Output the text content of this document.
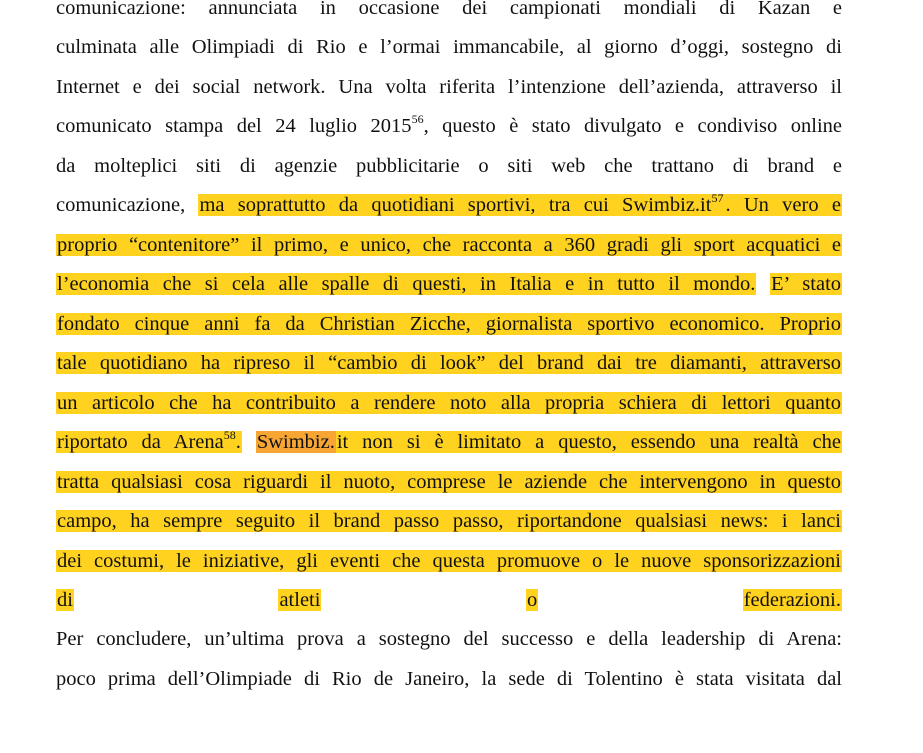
comunicazione: annunciata in occasione dei campionati mondiali di Kazan e
culminata alle Olimpiadi di Rio e l’ormai immancabile, al giorno d’oggi, sostegno di
Internet e dei social network. Una volta riferita l’intenzione dell’azienda, attraverso il
comunicato stampa del 24 luglio 2015$^{56}$, questo è stato divulgato e condiviso online
da molteplici siti di agenzie pubblicitarie o siti web che trattano di brand e
comunicazione, ma soprattutto da quotidiani sportivi, tra cui $Swimbiz.it^{57}$. Un vero e
proprio “contenitore” il primo, e unico, che racconta a 360 gradi gli sport acquatici e
l’economia che si cela alle spalle di questi, in Italia e in tutto il mondo. E’ stato
fondato cinque anni fa da Christian Zicche, giornalista sportivo economico. Proprio
tale quotidiano ha ripreso il “cambio di look” del brand dai tre diamanti, attraverso
un articolo che ha contribuito a rendere noto alla propria schiera di lettori quanto
riportato da Arena$^{58}$. Swimbiz.it non si è limitato a questo, essendo una realtà che
tratta qualsiasi cosa riguardi il nuoto, comprese le aziende che intervengono in questo
campo, ha sempre seguito il brand passo passo, riportandone qualsiasi news: i lanci
dei costumi, le iniziative, gli eventi che questa promuove o le nuove sponsorizzazioni
di	atleti	o	federazioni.
Per concludere, un’ultima prova a sostegno del successo e della leadership di Arena:
poco prima dell’Olimpiade di Rio de Janeiro, la sede di Tolentino è stata visitata dal
